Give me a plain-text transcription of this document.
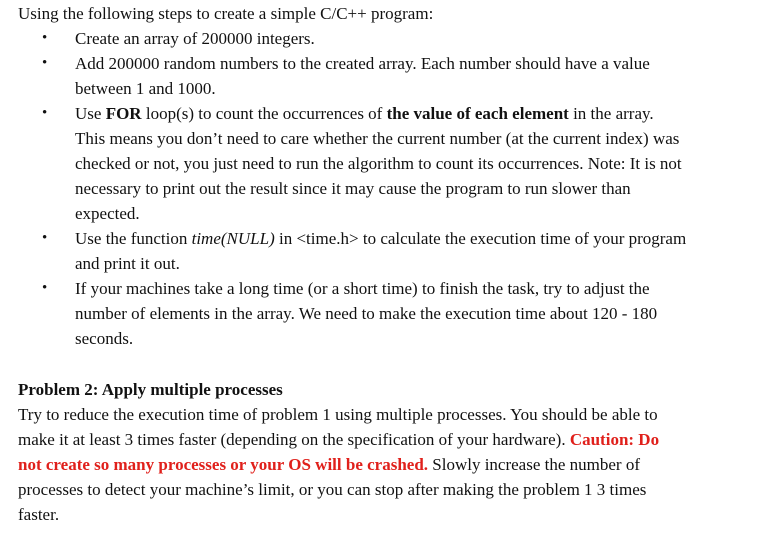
Using the following steps to create a simple C/C++ program:

• Create an array of 200000 integers.
• Add 200000 random numbers to the created array. Each number should have a value
between 1 and 1000.
• Use FOR loop(s) to count the occurrences of the value of each element in the array.
This means you don’t need to care whether the current number (at the current index) was
checked or not, you just need to run the algorithm to count its occurrences. Note: It is not
necessary to print out the result since it may cause the program to run slower than
expected.
• Use the function time(NULL) in <time.h> to calculate the execution time of your program
and print it out.
• If your machines take a long time (or a short time) to finish the task, try to adjust the
number of elements in the array. We need to make the execution time about 120 - 180
seconds.
Problem 2: Apply multiple processes
Try to reduce the execution time of problem 1 using multiple processes. You should be able to
make it at least 3 times faster (depending on the specification of your hardware). Caution: Do
not create so many processes or your OS will be crashed. Slowly increase the number of
processes to detect your machine’s limit, or you can stop after making the problem 1 3 times
faster.
